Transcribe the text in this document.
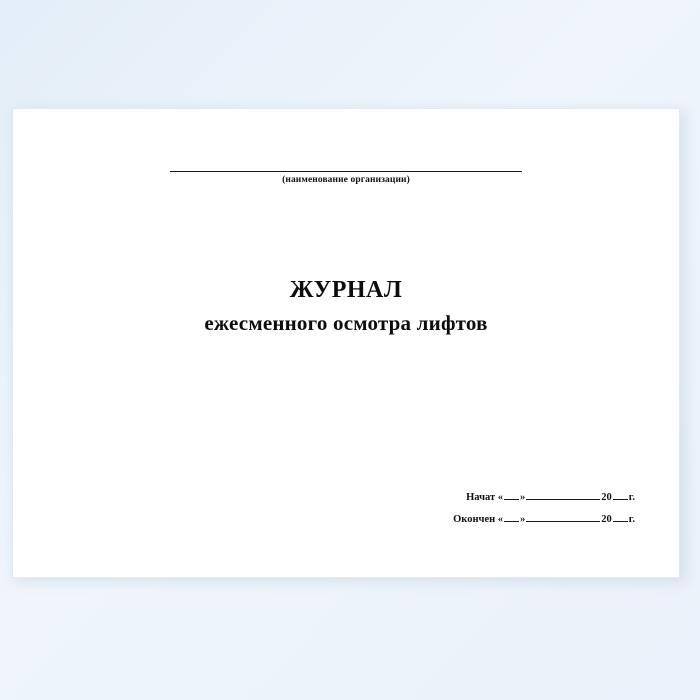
(наименование организации)
ЖУРНАЛ
ежесменного осмотра лифтов
Начат « »	20 г.
Окончен « »	20 г.
